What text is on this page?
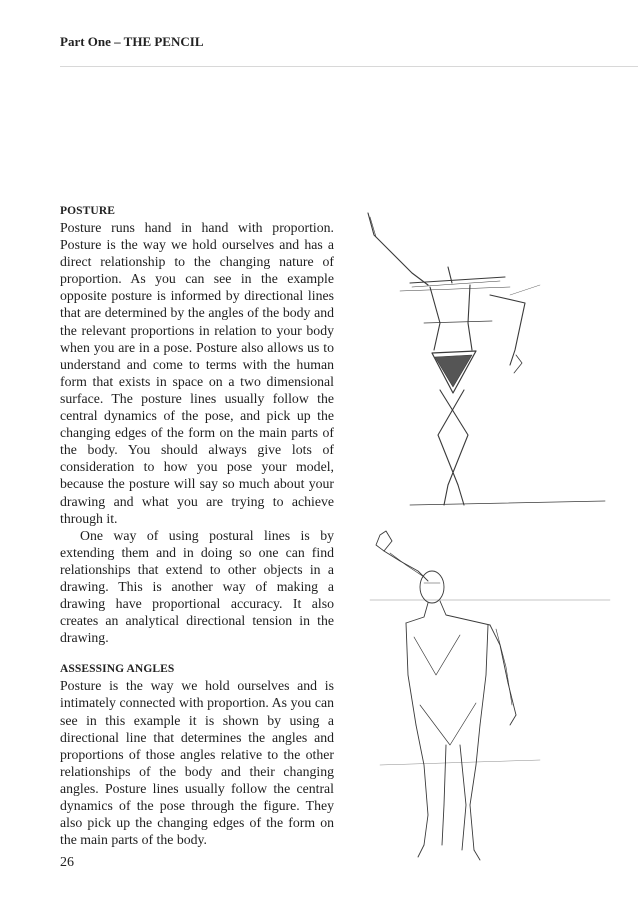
Part One – THE PENCIL

POSTURE

Posture runs hand in hand with proportion. Posture is the way we hold ourselves and has a direct relationship to the changing nature of proportion. As you can see in the example opposite posture is informed by directional lines that are determined by the angles of the body and the relevant proportions in relation to your body when you are in a pose. Posture also allows us to understand and come to terms with the human form that exists in space on a two dimensional surface. The posture lines usually follow the central dynamics of the pose, and pick up the changing edges of the form on the main parts of the body. You should always give lots of consideration to how you pose your model, because the posture will say so much about your drawing and what you are trying to achieve through it.

One way of using postural lines is by extending them and in doing so one can find relationships that extend to other objects in a drawing. This is another way of making a drawing have proportional accuracy. It also creates an analytical directional tension in the drawing.

ASSESSING ANGLES

Posture is the way we hold ourselves and is intimately connected with proportion. As you can see in this example it is shown by using a directional line that determines the angles and proportions of those angles relative to the other relationships of the body and their changing angles. Posture lines usually follow the central dynamics of the pose through the figure. They also pick up the changing edges of the form on the main parts of the body.

26
